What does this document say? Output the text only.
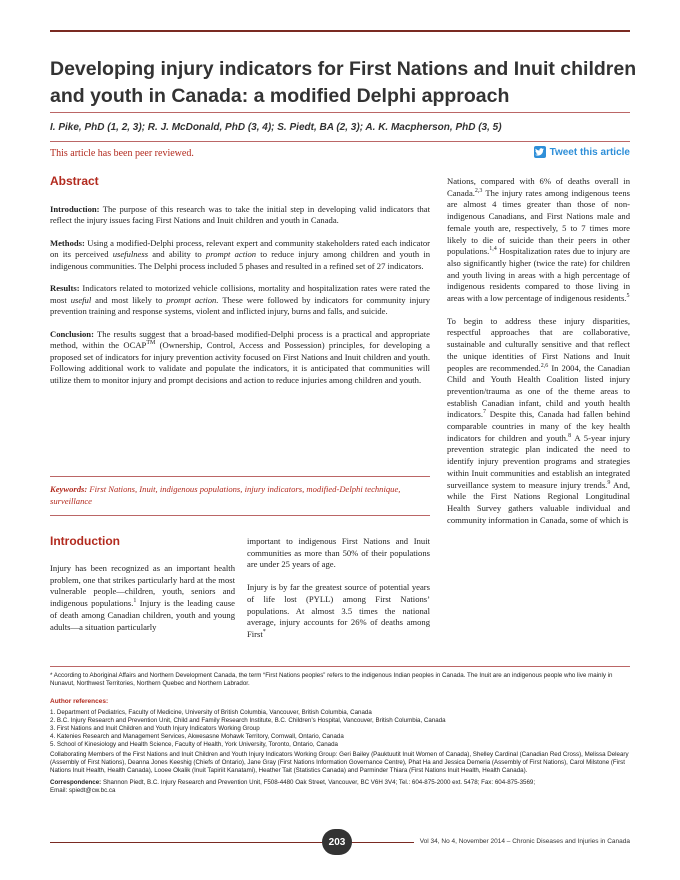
Developing injury indicators for First Nations and Inuit children and youth in Canada: a modified Delphi approach
I. Pike, PhD (1, 2, 3); R. J. McDonald, PhD (3, 4); S. Piedt, BA (2, 3); A. K. Macpherson, PhD (3, 5)
This article has been peer reviewed.	Tweet this article
Abstract

Introduction: The purpose of this research was to take the initial step in developing valid indicators that reflect the injury issues facing First Nations and Inuit children and youth in Canada.

Methods: Using a modified-Delphi process, relevant expert and community stakeholders rated each indicator on its perceived usefulness and ability to prompt action to reduce injury among children and youth in indigenous communities. The Delphi process included 5 phases and resulted in a refined set of 27 indicators.

Results: Indicators related to motorized vehicle collisions, mortality and hospitalization rates were rated the most useful and most likely to prompt action. These were followed by indicators for community injury prevention training and response systems, violent and inflicted injury, burns and falls, and suicide.

Conclusion: The results suggest that a broad-based modified-Delphi process is a practical and appropriate method, within the OCAP™ (Ownership, Control, Access and Possession) principles, for developing a proposed set of indicators for injury prevention activity focused on First Nations and Inuit children and youth. Following additional work to validate and populate the indicators, it is anticipated that communities will utilize them to monitor injury and prompt decisions and action to reduce injuries among children and youth.

Keywords: First Nations, Inuit, indigenous populations, injury indicators, modified-Delphi technique, surveillance
Introduction

Injury has been recognized as an important health problem, one that strikes particularly hard at the most vulnerable people—children, youth, seniors and indigenous populations.$^1$ Injury is the leading cause of death among Canadian children, youth and young adults—a situation particularly

important to indigenous First Nations and Inuit communities as more than 50% of their populations are under 25 years of age.

Injury is by far the greatest source of potential years of life lost (PYLL) among First Nations’ populations. At almost 3.5 times the national average, injury accounts for 26% of deaths among First*

Nations, compared with 6% of deaths overall in Canada.$^{2,3}$ The injury rates among indigenous teens are almost 4 times greater than those of non-indigenous Canadians, and First Nations male and female youth are, respectively, 5 to 7 times more likely to die of suicide than their peers in other populations.$^{1,4}$ Hospitalization rates due to injury are also significantly higher (twice the rate) for children and youth living in areas with a high percentage of indigenous residents compared to those living in areas with a low percentage of indigenous residents.$^5$

To begin to address these injury disparities, respectful approaches that are collaborative, sustainable and culturally sensitive and that reflect the unique identities of First Nations and Inuit peoples are recommended.$^{2,6}$ In 2004, the Canadian Child and Youth Health Coalition listed injury prevention/trauma as one of the theme areas to establish Canadian infant, child and youth health indicators.$^7$ Despite this, Canada had fallen behind comparable countries in many of the key health indicators for children and youth.$^8$ A 5-year injury prevention strategic plan indicated the need to identify injury prevention programs and strategies within Inuit communities and establish an integrated surveillance system to measure injury trends.$^9$ And, while the First Nations Regional Longitudinal Health Survey gathers valuable individual and community information in Canada, some of which is

* According to Aboriginal Affairs and Northern Development Canada, the term “First Nations peoples” refers to the indigenous Indian peoples in Canada. The Inuit are an indigenous people who live mainly in Nunavut, Northwest Territories, Northern Quebec and Northern Labrador.
Author references:
1. Department of Pediatrics, Faculty of Medicine, University of British Columbia, Vancouver, British Columbia, Canada
2. B.C. Injury Research and Prevention Unit, Child and Family Research Institute, B.C. Children’s Hospital, Vancouver, British Columbia, Canada
3. First Nations and Inuit Children and Youth Injury Indicators Working Group
4. Katenies Research and Management Services, Akwesasne Mohawk Territory, Cornwall, Ontario, Canada
5. School of Kinesiology and Health Science, Faculty of Health, York University, Toronto, Ontario, Canada
Collaborating Members of the First Nations and Inuit Children and Youth Injury Indicators Working Group: Geri Bailey (Pauktuutit Inuit Women of Canada), Shelley Cardinal (Canadian Red Cross), Melissa Deleary (Assembly of First Nations), Deanna Jones Keeshig (Chiefs of Ontario), Jane Gray (First Nations Information Governance Centre), Phat Ha and Jessica Demeria (Assembly of First Nations), Carol Milstone (First Nations Inuit Health, Health Canada), Looee Okalik (Inuit Tapiriit Kanatami), Heather Tait (Statistics Canada) and Parminder Thiara (First Nations Inuit Health, Health Canada).
Correspondence: Shannon Piedt, B.C. Injury Research and Prevention Unit, F508-4480 Oak Street, Vancouver, BC V6H 3V4; Tel.: 604-875-2000 ext. 5478; Fax: 604-875-3569;
Email: spiedt@cw.bc.ca
203	Vol 34, No 4, November 2014 – Chronic Diseases and Injuries in Canada
